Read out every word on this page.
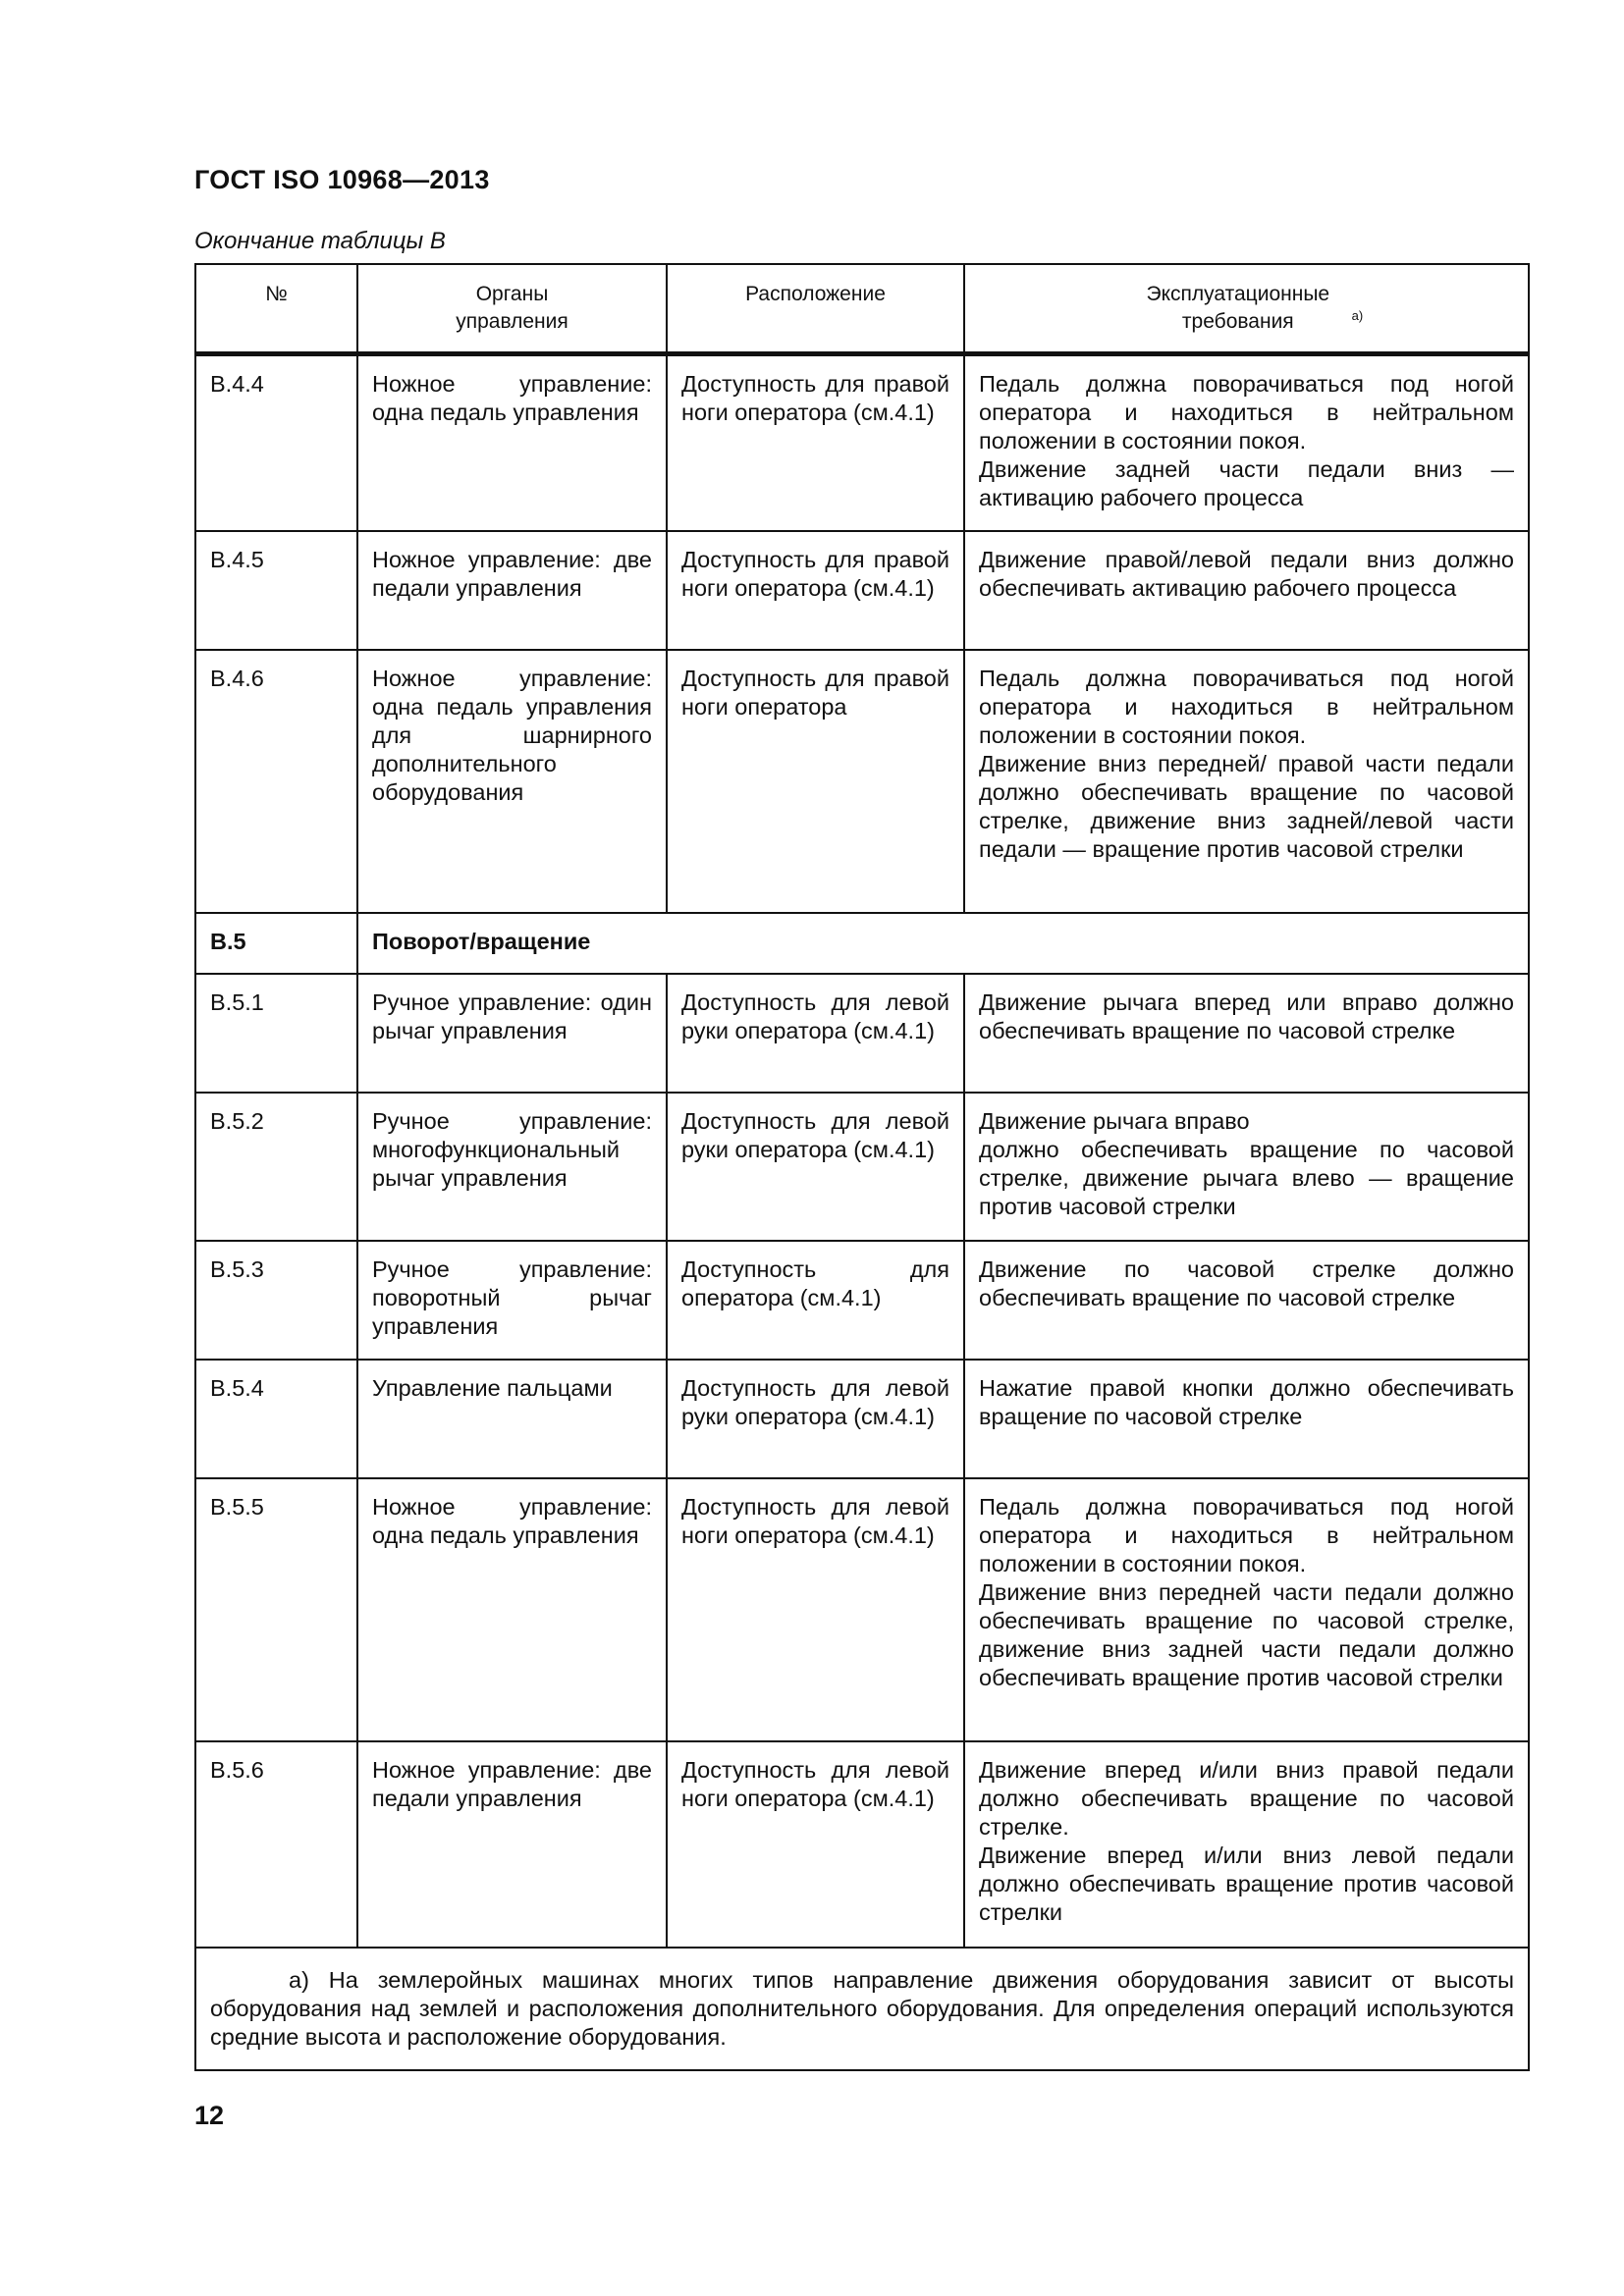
ГОСТ ISO 10968—2013
Окончание таблицы В
№	Органы управления	Расположение	Эксплуатационные требования $^{а)}$
В.4.4	Ножное управление: одна педаль управления	Доступность для правой ноги оператора (см.4.1)	Педаль должна поворачиваться под ногой оператора и находиться в нейтральном положении в состоянии покоя.
Движение задней части педали вниз — активацию рабочего процесса

В.4.5	Ножное управление: две педали управления	Доступность для правой ноги оператора (см.4.1)	Движение правой/левой педали вниз должно обеспечивать активацию рабочего процесса

В.4.6	Ножное управление: одна педаль управления для шарнирного дополнительного оборудования	Доступность для правой ноги оператора	Педаль должна поворачиваться под ногой оператора и находиться в нейтральном положении в состоянии покоя.
Движение вниз передней/ правой части педали должно обеспечивать вращение по часовой стрелке, движение вниз задней/левой части педали — вращение против часовой стрелки

В.5	Поворот/вращение		
В.5.1	Ручное управление: один рычаг управления	Доступность для левой руки оператора (см.4.1)	Движение рычага вперед или вправо должно обеспечивать вращение по часовой стрелке

В.5.2	Ручное управление: многофункциональный рычаг управления	Доступность для левой руки оператора (см.4.1)	Движение рычага вправо
должно обеспечивать вращение по часовой стрелке, движение рычага влево — вращение против часовой стрелки

В.5.3	Ручное управление: поворотный рычаг управления	Доступность для оператора (см.4.1)	Движение по часовой стрелке должно обеспечивать вращение по часовой стрелке

В.5.4	Управление пальцами	Доступность для левой руки оператора (см.4.1)	Нажатие правой кнопки должно обеспечивать вращение по часовой стрелке

В.5.5	Ножное управление: одна педаль управления	Доступность для левой ноги оператора (см.4.1)	Педаль должна поворачиваться под ногой оператора и находиться в нейтральном положении в состоянии покоя.
Движение вниз передней части педали должно обеспечивать вращение по часовой стрелке, движение вниз задней части педали должно обеспечивать вращение против часовой стрелки

В.5.6	Ножное управление: две педали управления	Доступность для левой ноги оператора (см.4.1)	Движение вперед и/или вниз правой педали должно обеспечивать вращение по часовой стрелке.
Движение вперед и/или вниз левой педали должно обеспечивать вращение против часовой стрелки

а) На землеройных машинах многих типов направление движения оборудования зависит от высоты оборудования над землей и расположения дополнительного оборудования. Для определения операций используются средние высота и расположение оборудования.			
12
